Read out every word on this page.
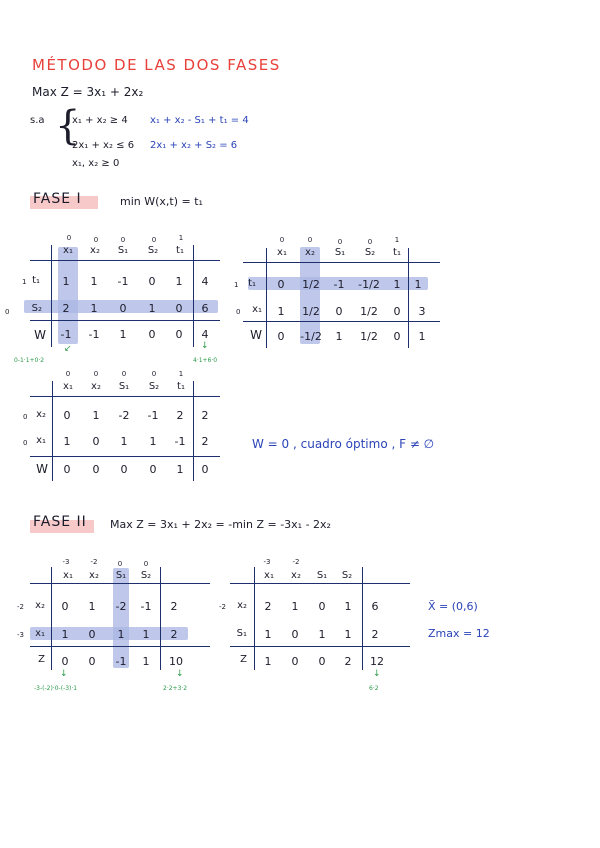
MÉTODO DE LAS DOS FASES
Max Z = 3x₁ + 2x₂
s.a {
x₁ + x₂ ≥ 4
2x₁ + x₂ ≤ 6
x₁, x₂ ≥ 0
x₁ + x₂ - S₁ + t₁ = 4
2x₁ + x₂ + S₂ = 6
FASE I	min W(x,t) = t₁
0	0	0	0	1
x₁	x₂	S₁	S₂	t₁
1 t₁	1	1	-1	0	1	4
0	S₂	2	1	0	1	0	6
W	-1	-1	1	0	0	4
↙	↓
0-1·1+0·2	4·1+6·0
0	0	0	0	1
x₁	x₂	S₁	S₂	t₁
1 t₁	0	1/2	-1	-1/2	1	1
0	x₁	1	1/2	0	1/2	0	3
W	0	-1/2	1	1/2	0	1
0	0	0	0	1
x₁	x₂	S₁	S₂	t₁
0 x₂	0	1	-2	-1	2	2
0 x₁	1	0	1	1	-1	2
W	0	0	0	0	1	0
W = 0 , cuadro óptimo , F ≠ ∅
FASE II Max Z = 3x₁ + 2x₂ = -min Z = -3x₁ - 2x₂
-3	-2	0	0
x₁	x₂	S₁	S₂
-2	x₂	0	1	-2	-1	2
-3	x₁	1	0	1	1	2
Z	0	0	-1	1	10
↓	↓
-3-(-2)·0-(-3)·1	2·2+3·2
-3	-2
x₁	x₂	S₁	S₂
-2	x₂	2	1	0	1	6
S₁	1	0	1	1	2
Z	1	0	0	2	12
↓
6·2
X̄ = (0,6)
Zmax = 12
